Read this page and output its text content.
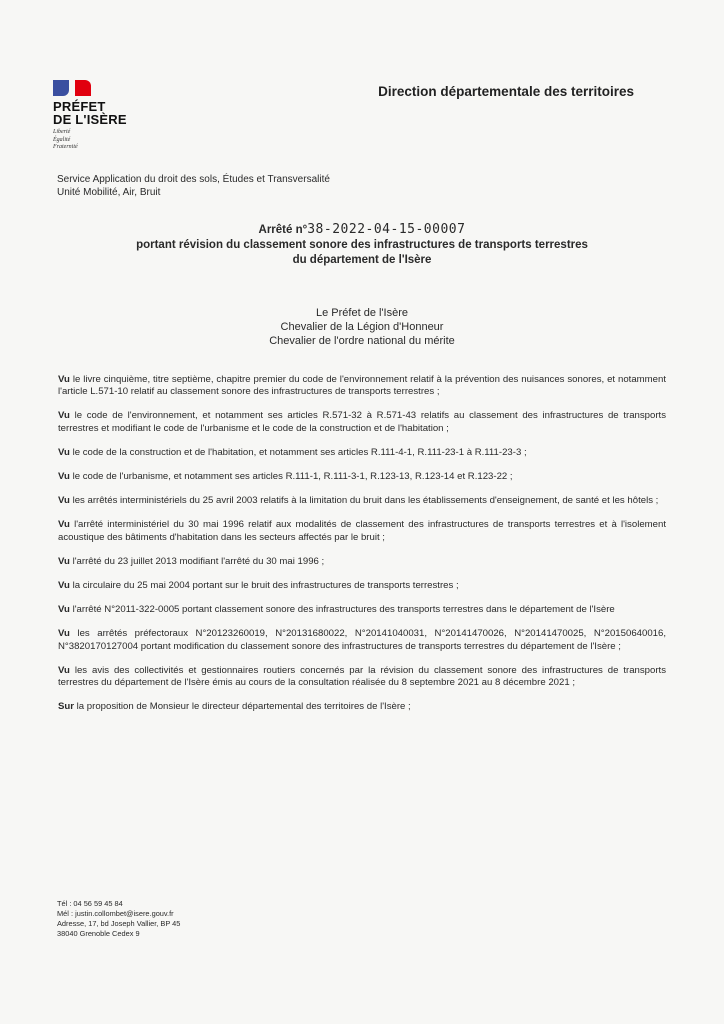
PRÉFET
DE L'ISÈRE
Liberté
Égalité
Fraternité
Direction départementale des territoires
Service Application du droit des sols, Études et Transversalité
Unité Mobilité, Air, Bruit
Arrêté n°38-2022-04-15-00007
portant révision du classement sonore des infrastructures de transports terrestres
du département de l'Isère
Le Préfet de l'Isère
Chevalier de la Légion d'Honneur
Chevalier de l'ordre national du mérite

Vu le livre cinquième, titre septième, chapitre premier du code de l'environnement relatif à la prévention des nuisances sonores, et notamment l'article L.571-10 relatif au classement sonore des infrastructures de transports terrestres ;

Vu le code de l'environnement, et notamment ses articles R.571-32 à R.571-43 relatifs au classement des infrastructures de transports terrestres et modifiant le code de l'urbanisme et le code de la construction et de l'habitation ;

Vu le code de la construction et de l'habitation, et notamment ses articles R.111-4-1, R.111-23-1 à R.111-23-3 ;

Vu le code de l'urbanisme, et notamment ses articles R.111-1, R.111-3-1, R.123-13, R.123-14 et R.123-22 ;

Vu les arrêtés interministériels du 25 avril 2003 relatifs à la limitation du bruit dans les établissements d'enseignement, de santé et les hôtels ;

Vu l'arrêté interministériel du 30 mai 1996 relatif aux modalités de classement des infrastructures de transports terrestres et à l'isolement acoustique des bâtiments d'habitation dans les secteurs affectés par le bruit ;

Vu l'arrêté du 23 juillet 2013 modifiant l'arrêté du 30 mai 1996 ;

Vu la circulaire du 25 mai 2004 portant sur le bruit des infrastructures de transports terrestres ;

Vu l'arrêté N°2011-322-0005 portant classement sonore des infrastructures des transports terrestres dans le département de l'Isère

Vu les arrêtés préfectoraux N°20123260019, N°20131680022, N°20141040031, N°20141470026, N°20141470025, N°20150640016, N°3820170127004 portant modification du classement sonore des infrastructures de transports terrestres du département de l'Isère ;

Vu les avis des collectivités et gestionnaires routiers concernés par la révision du classement sonore des infrastructures de transports terrestres du département de l'Isère émis au cours de la consultation réalisée du 8 septembre 2021 au 8 décembre 2021 ;

Sur la proposition de Monsieur le directeur départemental des territoires de l'Isère ;

Tél : 04 56 59 45 84
Mél : justin.collombet@isere.gouv.fr
Adresse, 17, bd Joseph Vallier, BP 45
38040 Grenoble Cedex 9
